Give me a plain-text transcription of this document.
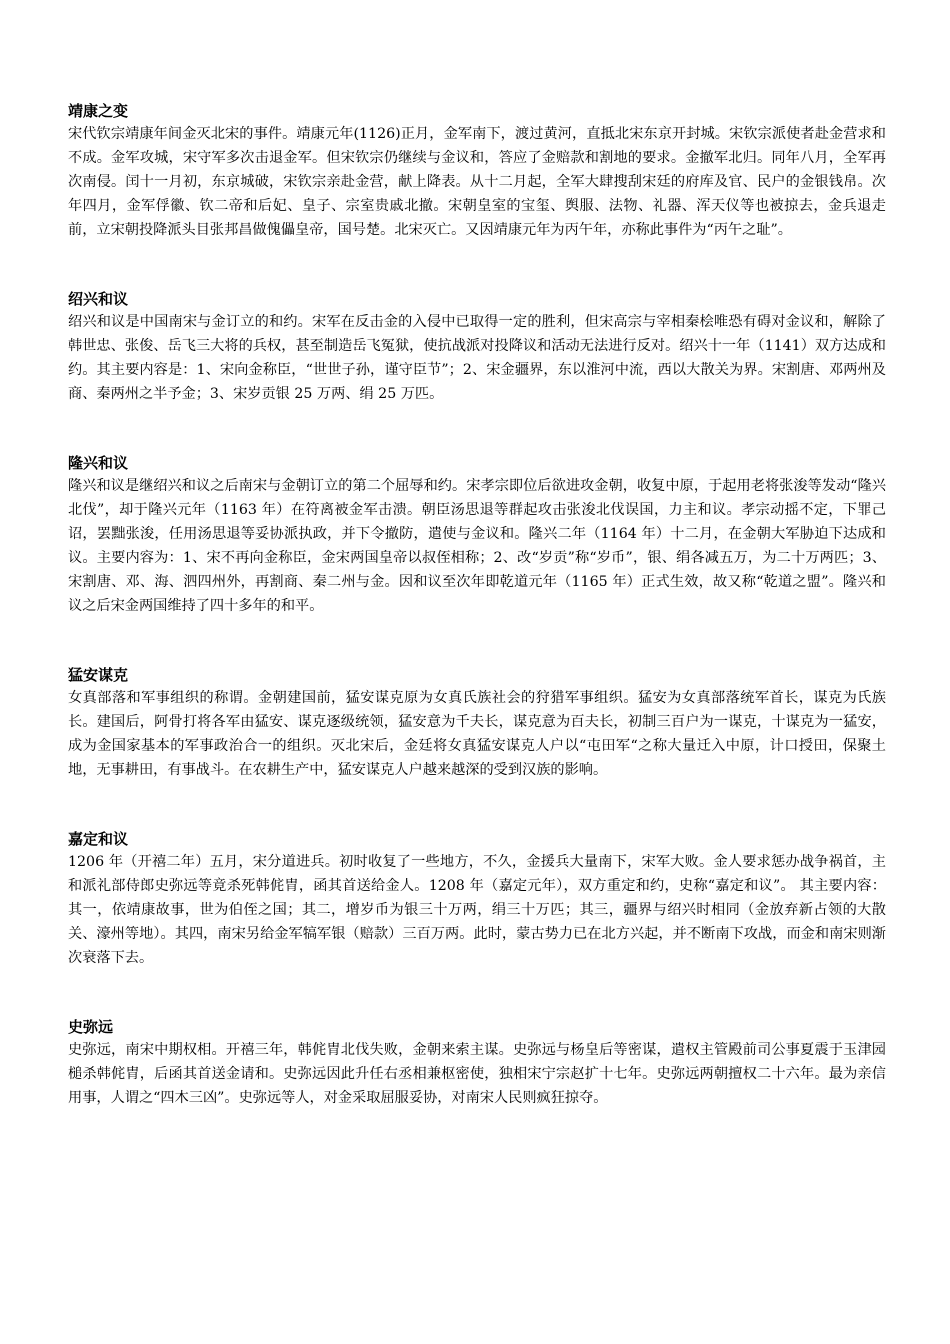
靖康之变

宋代钦宗靖康年间金灭北宋的事件。靖康元年(1126)正月，金军南下，渡过黄河，直抵北宋东京开封城。宋钦宗派使者赴金营求和不成。金军攻城，宋守军多次击退金军。但宋钦宗仍继续与金议和，答应了金赔款和割地的要求。金撤军北归。同年八月，全军再次南侵。闰十一月初，东京城破，宋钦宗亲赴金营，献上降表。从十二月起，全军大肆搜刮宋廷的府库及官、民户的金银钱帛。次年四月，金军俘徽、钦二帝和后妃、皇子、宗室贵戚北撤。宋朝皇室的宝玺、舆服、法物、礼器、浑天仪等也被掠去，金兵退走前，立宋朝投降派头目张邦昌做傀儡皇帝，国号楚。北宋灭亡。又因靖康元年为丙午年，亦称此事件为“丙午之耻”。

绍兴和议

绍兴和议是中国南宋与金订立的和约。宋军在反击金的入侵中已取得一定的胜利，但宋高宗与宰相秦桧唯恐有碍对金议和，解除了韩世忠、张俊、岳飞三大将的兵权，甚至制造岳飞冤狱，使抗战派对投降议和活动无法进行反对。绍兴十一年（1141）双方达成和约。其主要内容是：1、宋向金称臣，“世世子孙，谨守臣节”；2、宋金疆界，东以淮河中流，西以大散关为界。宋割唐、邓两州及商、秦两州之半予金；3、宋岁贡银 25 万两、绢 25 万匹。

隆兴和议

隆兴和议是继绍兴和议之后南宋与金朝订立的第二个屈辱和约。宋孝宗即位后欲进攻金朝，收复中原，于起用老将张浚等发动“隆兴北伐”，却于隆兴元年（1163 年）在符离被金军击溃。朝臣汤思退等群起攻击张浚北伐误国，力主和议。孝宗动摇不定，下罪己诏，罢黜张浚，任用汤思退等妥协派执政，并下令撤防，遣使与金议和。隆兴二年（1164 年）十二月，在金朝大军胁迫下达成和议。主要内容为：1、宋不再向金称臣，金宋两国皇帝以叔侄相称；2、改“岁贡”称“岁币”，银、绢各减五万，为二十万两匹；3、宋割唐、邓、海、泗四州外，再割商、秦二州与金。因和议至次年即乾道元年（1165 年）正式生效，故又称“乾道之盟”。隆兴和议之后宋金两国维持了四十多年的和平。

猛安谋克

女真部落和军事组织的称谓。金朝建国前，猛安谋克原为女真氏族社会的狩猎军事组织。猛安为女真部落统军首长，谋克为氏族长。建国后，阿骨打将各军由猛安、谋克逐级统领，猛安意为千夫长，谋克意为百夫长，初制三百户为一谋克，十谋克为一猛安，成为金国家基本的军事政治合一的组织。灭北宋后，金廷将女真猛安谋克人户以“屯田军“之称大量迁入中原，计口授田，保聚土地，无事耕田，有事战斗。在农耕生产中，猛安谋克人户越来越深的受到汉族的影响。

嘉定和议

1206 年（开禧二年）五月，宋分道进兵。初时收复了一些地方，不久，金援兵大量南下，宋军大败。金人要求惩办战争祸首，主和派礼部侍郎史弥远等竟杀死韩侂胄，函其首送给金人。1208 年（嘉定元年），双方重定和约，史称“嘉定和议”。 其主要内容：其一，依靖康故事，世为伯侄之国；其二，增岁币为银三十万两，绢三十万匹；其三，疆界与绍兴时相同（金放弃新占领的大散关、濠州等地）。其四，南宋另给金军犒军银（赔款）三百万两。此时，蒙古势力已在北方兴起，并不断南下攻战，而金和南宋则渐次衰落下去。

史弥远

史弥远，南宋中期权相。开禧三年，韩侂胄北伐失败，金朝来索主谋。史弥远与杨皇后等密谋，遣权主管殿前司公事夏震于玉津园槌杀韩侂胄，后函其首送金请和。史弥远因此升任右丞相兼枢密使，独相宋宁宗赵扩十七年。史弥远两朝擅权二十六年。最为亲信用事，人谓之“四木三凶”。史弥远等人，对金采取屈服妥协，对南宋人民则疯狂掠夺。
